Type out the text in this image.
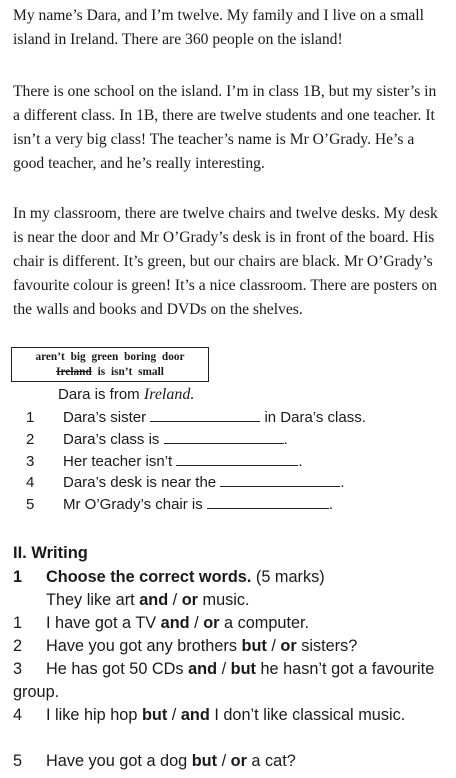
My name’s Dara, and I’m twelve. My family and I live on a small island in Ireland. There are 360 people on the island!

There is one school on the island. I’m in class 1B, but my sister’s in a different class. In 1B, there are twelve students and one teacher. It isn’t a very big class! The teacher’s name is Mr O’Grady. He’s a good teacher, and he’s really interesting.

In my classroom, there are twelve chairs and twelve desks. My desk is near the door and Mr O’Grady’s desk is in front of the board. His chair is different. It’s green, but our chairs are black. Mr O’Grady’s favourite colour is green! It’s a nice classroom. There are posters on the walls and books and DVDs on the shelves.

aren’t big green boring door
Ireland is isn’t small
Dara is from Ireland.
1 Dara’s sister	in Dara’s class.
2 Dara’s class is	.
3 Her teacher isn’t	.
4 Dara’s desk is near the	.
5 Mr O’Grady’s chair is	.
II. Writing
1 Choose the correct words. (5 marks)
They like art and / or music.
1 I have got a TV and / or a computer.
2 Have you got any brothers but / or sisters?
3 He has got 50 CDs and / but he hasn’t got a favourite group.
4 I like hip hop but / and I don’t like classical music.
5 Have you got a dog but / or a cat?
